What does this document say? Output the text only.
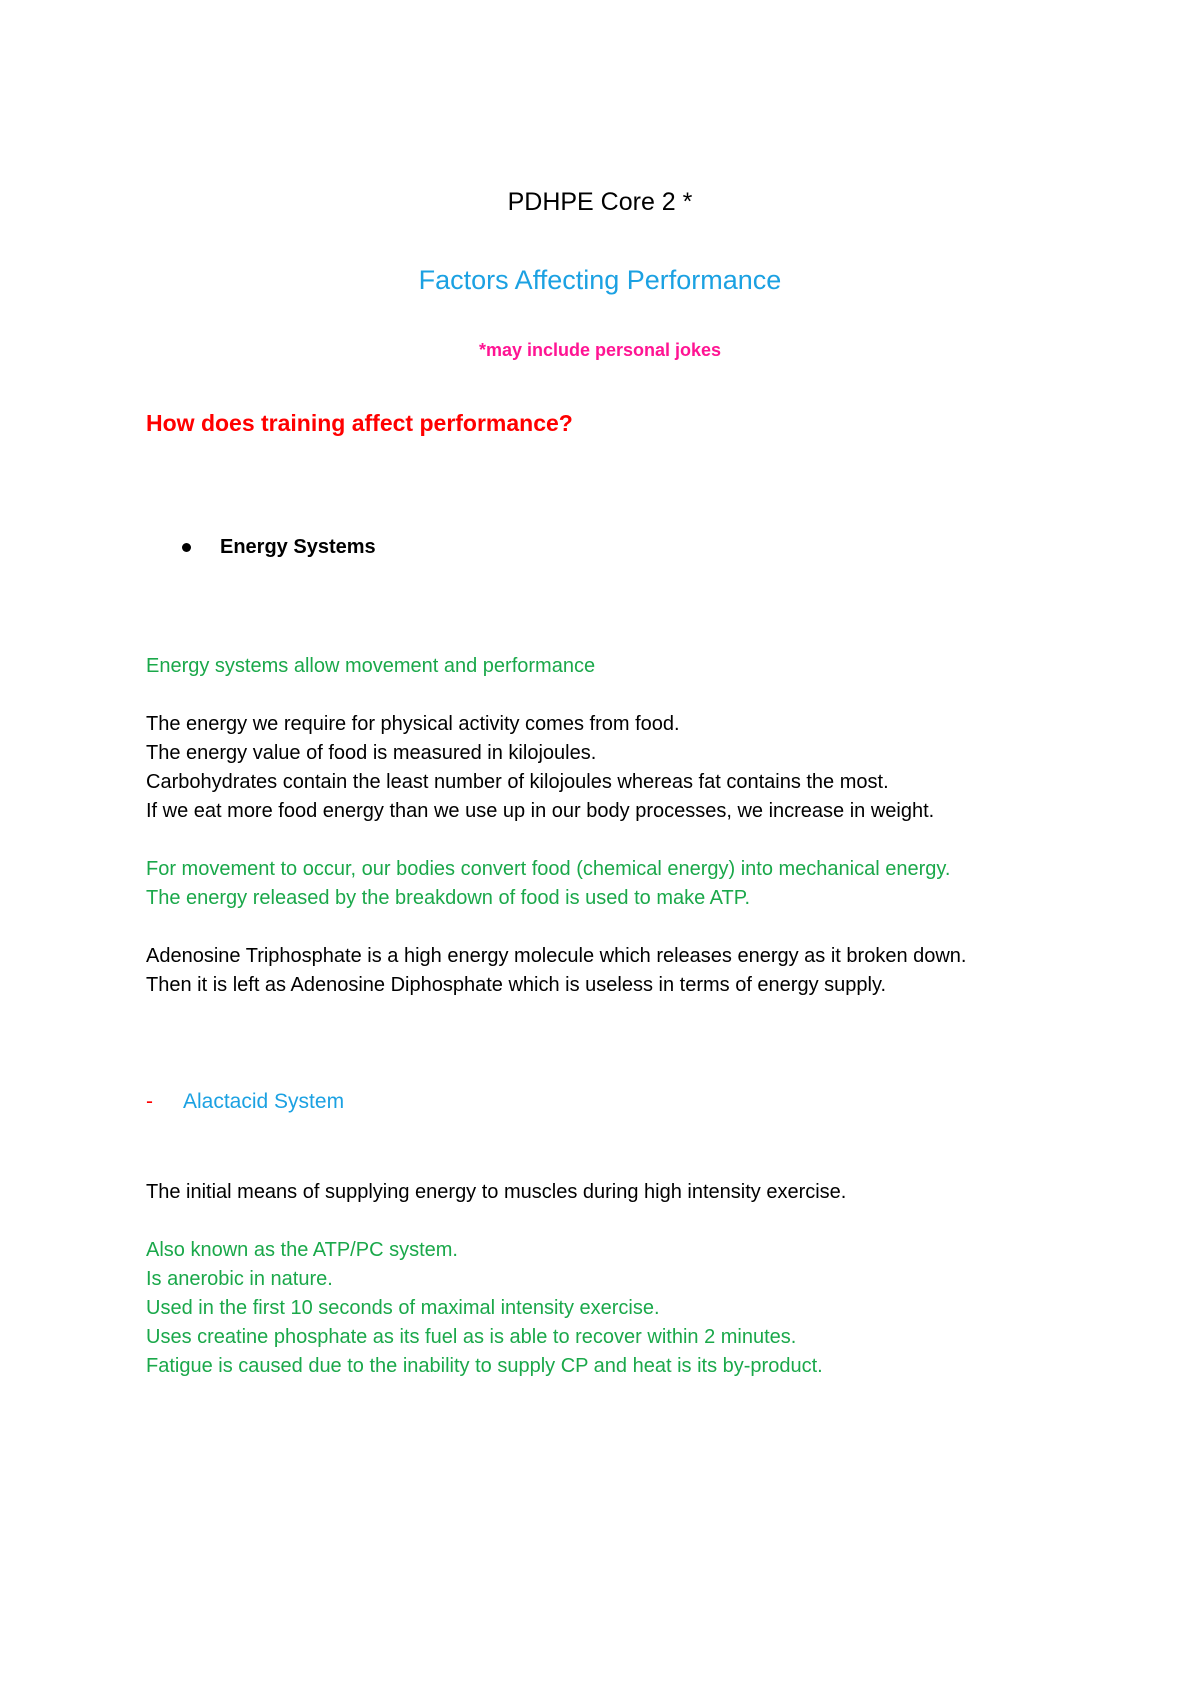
PDHPE Core 2 *
Factors Affecting Performance
*may include personal jokes
How does training affect performance?
Energy Systems
Energy systems allow movement and performance
The energy we require for physical activity comes from food.
The energy value of food is measured in kilojoules.
Carbohydrates contain the least number of kilojoules whereas fat contains the most.
If we eat more food energy than we use up in our body processes, we increase in weight.
For movement to occur, our bodies convert food (chemical energy) into mechanical energy.
The energy released by the breakdown of food is used to make ATP.
Adenosine Triphosphate is a high energy molecule which releases energy as it broken down.
Then it is left as Adenosine Diphosphate which is useless in terms of energy supply.
-	Alactacid System
The initial means of supplying energy to muscles during high intensity exercise.
Also known as the ATP/PC system.
Is anerobic in nature.
Used in the first 10 seconds of maximal intensity exercise.
Uses creatine phosphate as its fuel as is able to recover within 2 minutes.
Fatigue is caused due to the inability to supply CP and heat is its by-product.
